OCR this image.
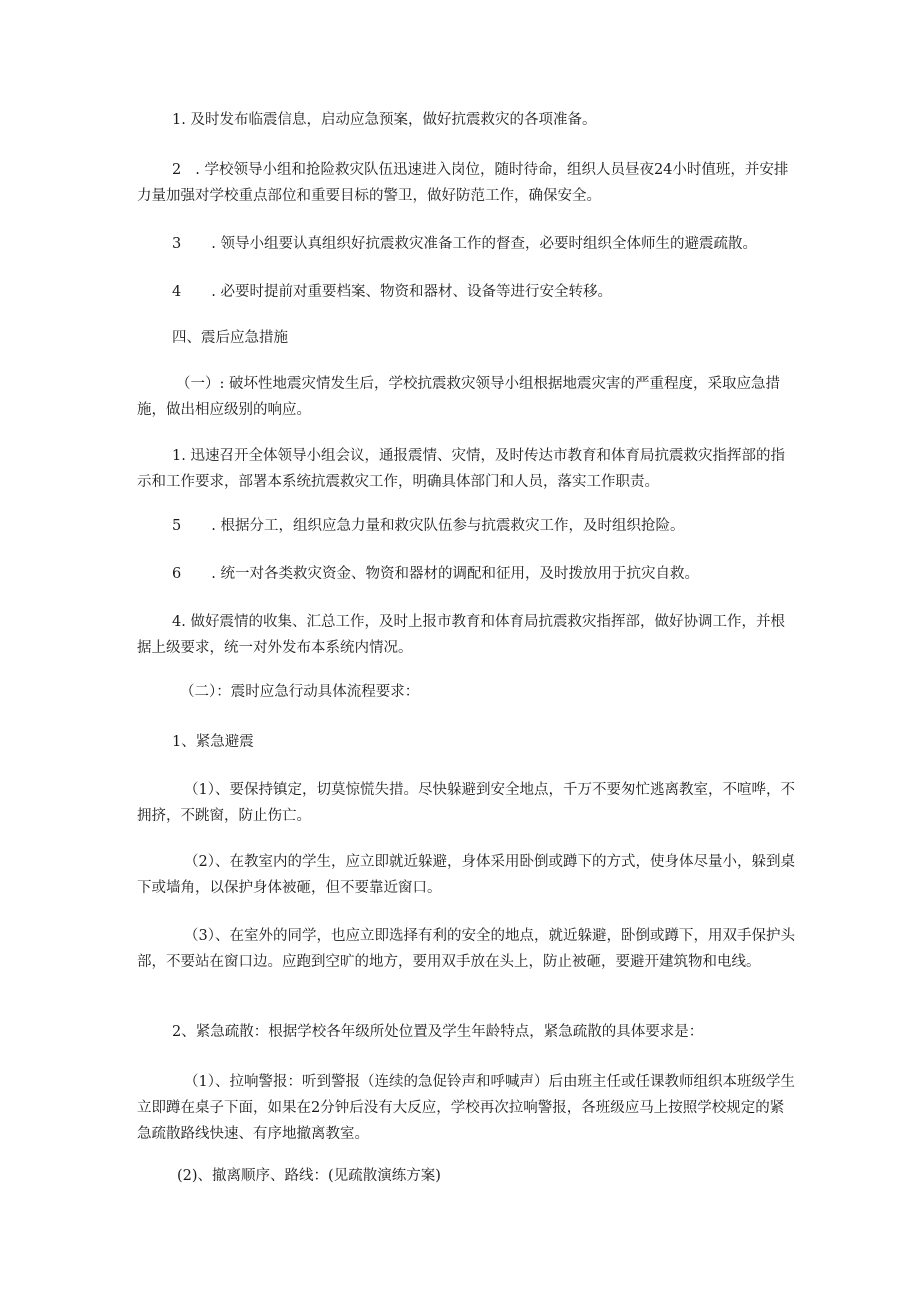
1. 及时发布临震信息，启动应急预案，做好抗震救灾的各项准备。

2 . 学校领导小组和抢险救灾队伍迅速进入岗位，随时待命，组织人员昼夜24小时值班，并安排力量加强对学校重点部位和重要目标的警卫，做好防范工作，确保安全。

3 . 领导小组要认真组织好抗震救灾准备工作的督查，必要时组织全体师生的避震疏散。

4 . 必要时提前对重要档案、物资和器材、设备等进行安全转移。

四、震后应急措施

（一）: 破坏性地震灾情发生后，学校抗震救灾领导小组根据地震灾害的严重程度，采取应急措施，做出相应级别的响应。

1. 迅速召开全体领导小组会议，通报震情、灾情，及时传达市教育和体育局抗震救灾指挥部的指示和工作要求，部署本系统抗震救灾工作，明确具体部门和人员，落实工作职责。

5 . 根据分工，组织应急力量和救灾队伍参与抗震救灾工作，及时组织抢险。

6 . 统一对各类救灾资金、物资和器材的调配和征用，及时拨放用于抗灾自救。

4. 做好震情的收集、汇总工作，及时上报市教育和体育局抗震救灾指挥部，做好协调工作，并根据上级要求，统一对外发布本系统内情况。

（二）：震时应急行动具体流程要求：

1、紧急避震

（1）、要保持镇定，切莫惊慌失措。尽快躲避到安全地点，千万不要匆忙逃离教室，不喧哗，不拥挤，不跳窗，防止伤亡。

（2）、在教室内的学生，应立即就近躲避，身体采用卧倒或蹲下的方式，使身体尽量小，躲到桌下或墙角，以保护身体被砸，但不要靠近窗口。

（3）、在室外的同学，也应立即选择有利的安全的地点，就近躲避，卧倒或蹲下，用双手保护头部，不要站在窗口边。应跑到空旷的地方，要用双手放在头上，防止被砸，要避开建筑物和电线。

2、紧急疏散：根据学校各年级所处位置及学生年龄特点，紧急疏散的具体要求是：

（1）、拉响警报：听到警报（连续的急促铃声和呼喊声）后由班主任或任课教师组织本班级学生立即蹲在桌子下面，如果在2分钟后没有大反应，学校再次拉响警报，各班级应马上按照学校规定的紧急疏散路线快速、有序地撤离教室。

(2)、撤离顺序、路线：(见疏散演练方案)
